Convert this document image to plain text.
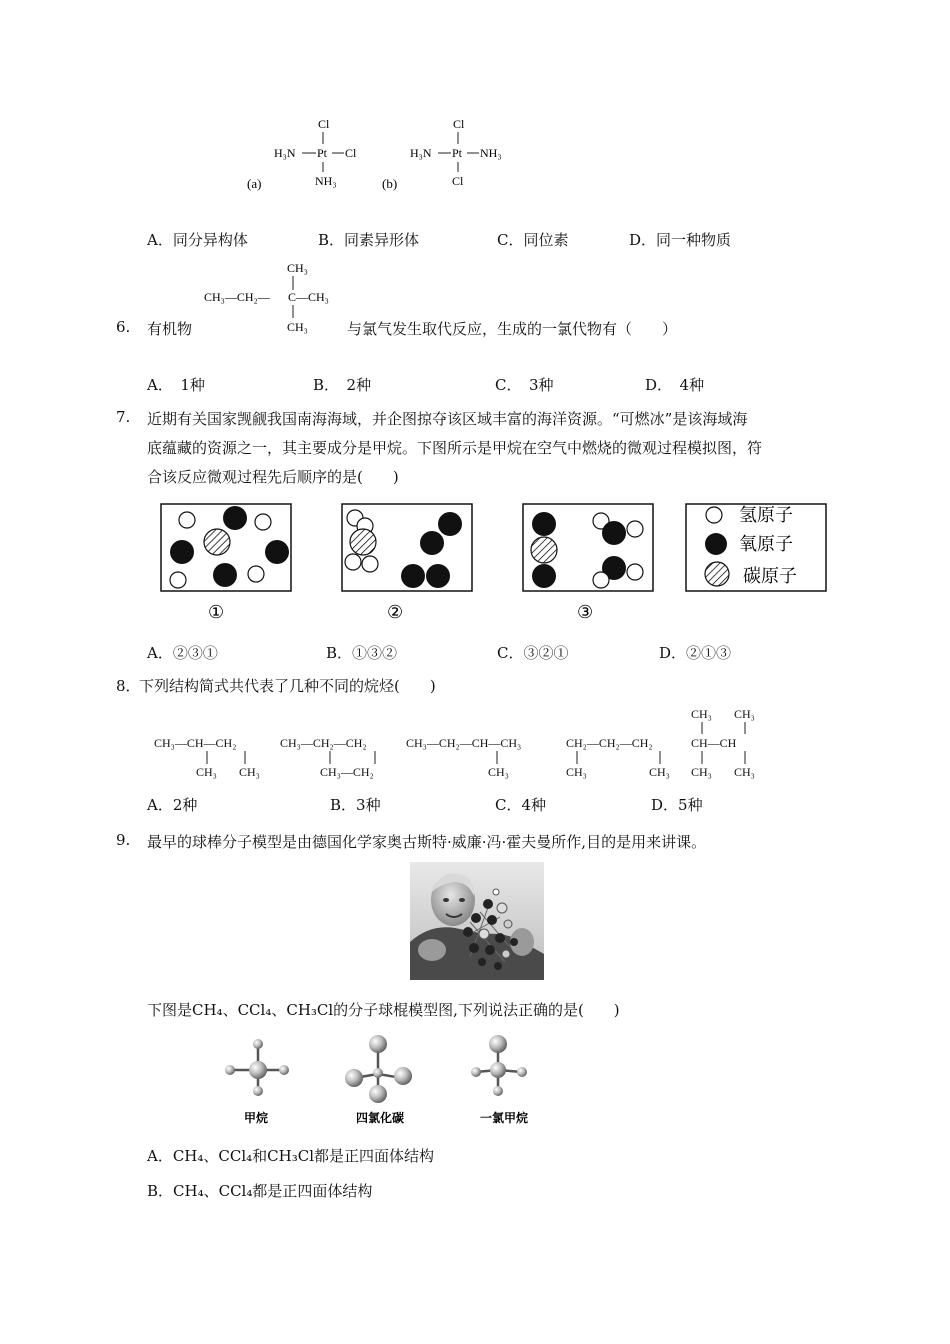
Cl
H₃N Pt Cl
NH₃
(a)
Cl
H₃N Pt NH₃
Cl
(b)
A．同分异构体	B．同素异形体	C．同位素	D．同一种物质
6. 有机物
CH₃
CH₃—CH₂— C —CH₃
CH₃	与氯气发生取代反应，生成的一氯代物有（　　）
A．　1种	B．　2种	C．　3种	D．　4种
7. 近期有关国家觊觎我国南海海域，并企图掠夺该区域丰富的海洋资源。“可燃冰”是该海域海
底蕴藏的资源之一，其主要成分是甲烷。下图所示是甲烷在空气中燃烧的微观过程模拟图，符
合该反应微观过程先后顺序的是(　　)
①	②	③
氢原子
氧原子
碳原子
A．②③①	B．①③②	C．③②①	D．②①③
8．
下列结构简式共代表了几种不同的烷烃(　　)
CH₃—CH—CH₂
CH₃ CH₃
CH₃—CH₂—CH₂
CH₃—CH₂
CH₃—CH₂—CH—CH₃
CH₃
CH₂—CH₂—CH₂
CH₃	CH₃
CH₃ CH₃
CH—CH
CH₃ CH₃
A．2种	B．3种	C．4种	D．5种
9. 最早的球棒分子模型是由德国化学家奥古斯特·威廉·冯·霍夫曼所作,目的是用来讲课。
下图是CH₄、CCl₄、CH₃Cl的分子球棍模型图,下列说法正确的是(　　)
甲烷	四氯化碳	一氯甲烷
A．CH₄、CCl₄和CH₃Cl都是正四面体结构
B．CH₄、CCl₄都是正四面体结构
